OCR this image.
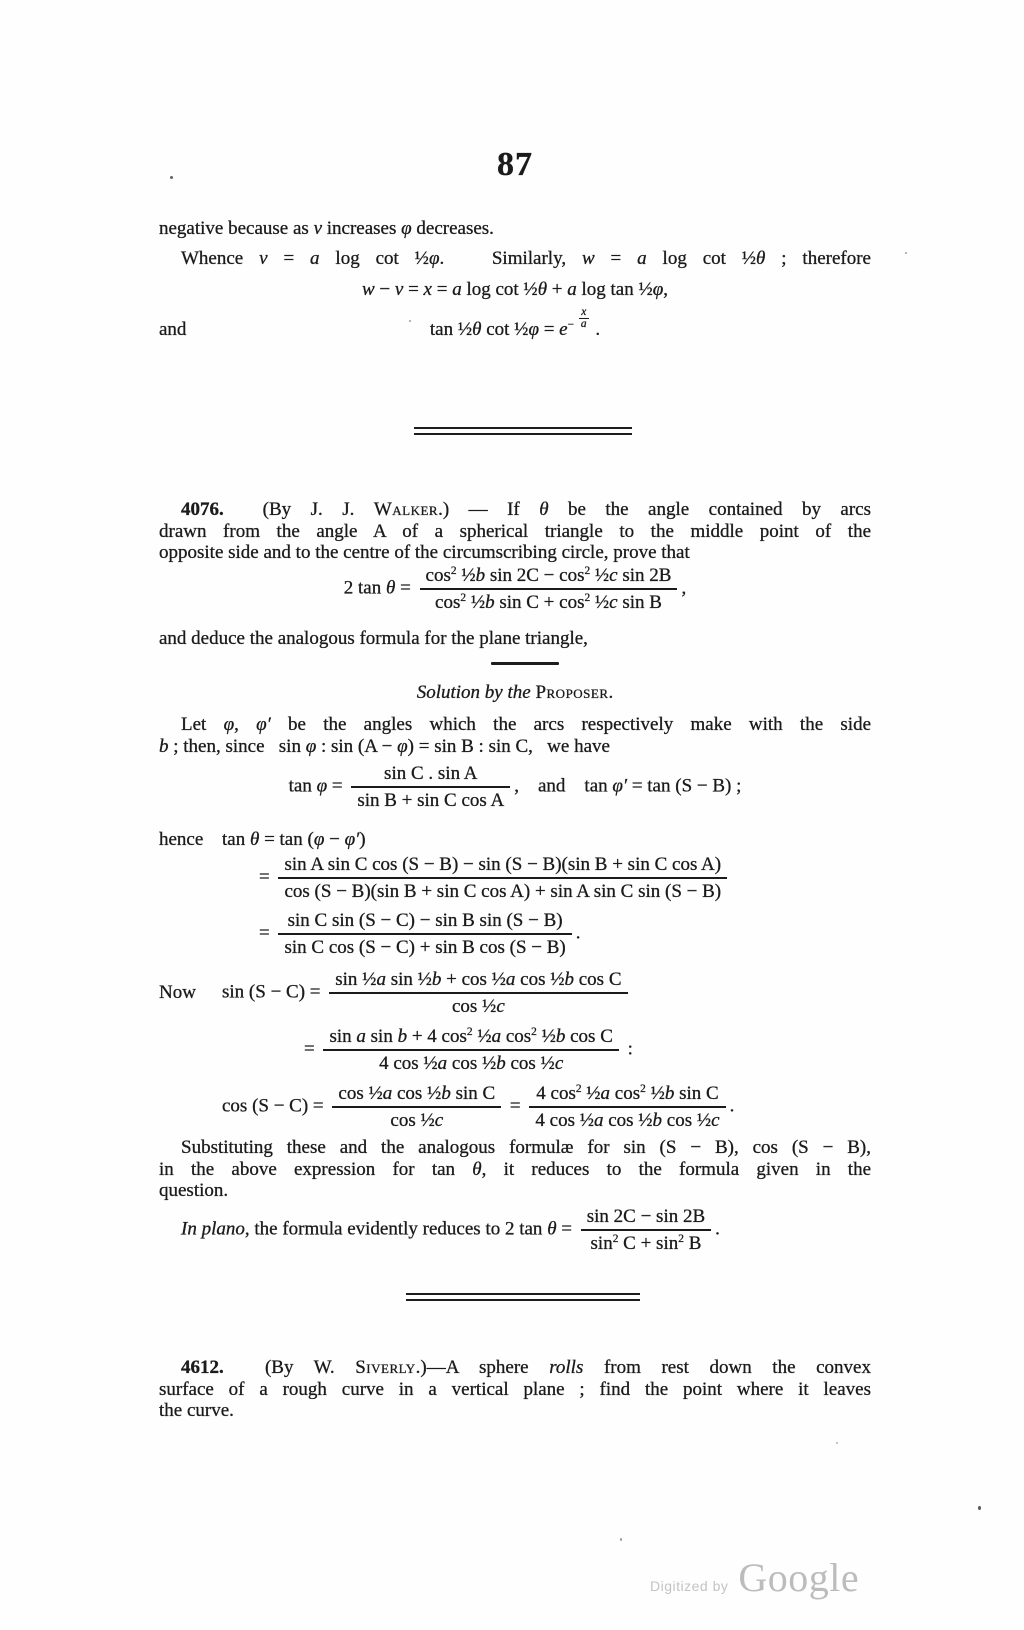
87
negative because as v increases φ decreases.
Whence v = a log cot ½φ.   Similarly, w = a log cot ½θ ; therefore
w − v = x = a log cot ½θ + a log tan ½φ,
and	tan ½θ cot ½φ = $e^{- \frac{x}{a}}$ .
4076.  (By J. J. Walker.) — If θ be the angle contained by arcs
drawn from the angle A of a spherical triangle to the middle point of the
opposite side and to the centre of the circumscribing circle, prove that
2 $\tan \theta = \frac{\cos^2 \frac{1}{2}b \sin 2C - \cos^2 \frac{1}{2}c \sin 2B}{\cos^2 \frac{1}{2}b \sin C + \cos^2 \frac{1}{2}c \sin B}$ ,
and deduce the analogous formula for the plane triangle,
Solution by the Proposer.
Let φ, φ′ be the angles which the arcs respectively make with the side
b ; then, since   sin φ : sin (A − φ) = sin B : sin C,   we have
$\tan \varphi = \frac{\text{sin C . sin A}}{\text{sin B + sin C cos A}}$ ,    and    tan φ′ = tan (S − B) ;
hence tan θ = tan (φ − φ′)
= $\frac{\text{sin A sin C cos (S − B) − sin (S − B)(sin B + sin C cos A)}}{\text{cos (S − B)(sin B + sin C cos A) + sin A sin C sin (S − B)}}$
= $\frac{\text{sin C sin (S − C) − sin B sin (S − B)}}{\text{sin C cos (S − C) + sin B cos (S − B)}}$ .
Now $\sin (S - C) = \frac{\text{sin ½a sin ½b + cos ½a cos ½b cos C}}{\text{cos ½c}}$
= $\frac{\sin a \sin b + 4 \cos^2 \frac{1}{2}a \cos^2 \frac{1}{2}b \cos C}{\text{4 cos ½a cos ½b cos ½c}}$ :
$\cos (S - C) = \frac{\text{cos ½a cos ½b sin C}}{\text{cos ½c}} = \frac{4 \cos^2 \frac{1}{2}a \cos^2 \frac{1}{2}b \sin C}{\text{4 cos ½a cos ½b cos ½c}}$ .
Substituting these and the analogous formulæ for sin (S − B), cos (S − B),
in the above expression for tan θ, it reduces to the formula given in the
question.
In plano, the formula evidently reduces to 2 $\tan \theta = \frac{\sin 2C - \sin 2B}{\sin^2 C + \sin^2 B}$ .
4612.  (By W. Siverly.)—A sphere rolls from rest down the convex
surface of a rough curve in a vertical plane ; find the point where it leaves
the curve.
Digitized by Google
